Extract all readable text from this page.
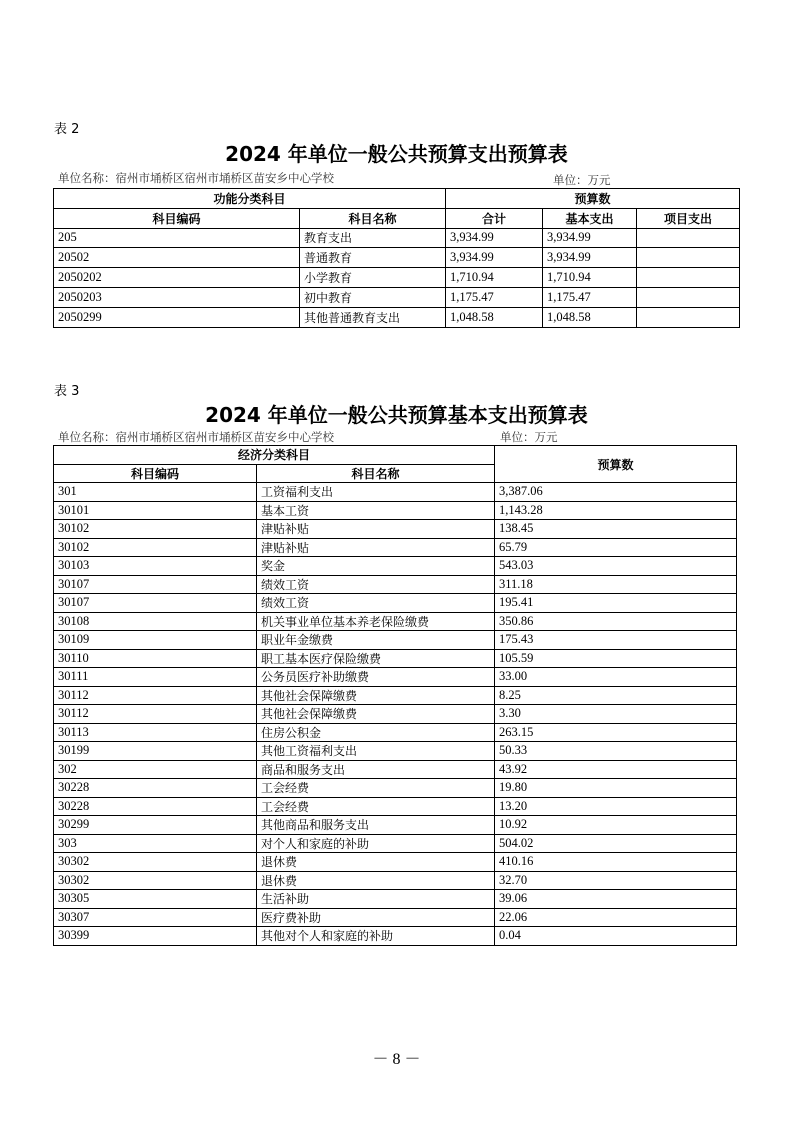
表 2
2024 年单位一般公共预算支出预算表
单位名称：宿州市埇桥区宿州市埇桥区苗安乡中心学校	单位：万元
功能分类科目		预算数		
科目编码	科目名称	合计	基本支出	项目支出
205	教育支出	3,934.99	3,934.99	
20502	普通教育	3,934.99	3,934.99	
2050202	小学教育	1,710.94	1,710.94	
2050203	初中教育	1,175.47	1,175.47	
2050299	其他普通教育支出	1,048.58	1,048.58	
表 3
2024 年单位一般公共预算基本支出预算表
单位名称：宿州市埇桥区宿州市埇桥区苗安乡中心学校	单位：万元
经济分类科目		预算数
科目编码	科目名称	
301	工资福利支出	3,387.06
30101	基本工资	1,143.28
30102	津贴补贴	138.45
30102	津贴补贴	65.79
30103	奖金	543.03
30107	绩效工资	311.18
30107	绩效工资	195.41
30108	机关事业单位基本养老保险缴费	350.86
30109	职业年金缴费	175.43
30110	职工基本医疗保险缴费	105.59
30111	公务员医疗补助缴费	33.00
30112	其他社会保障缴费	8.25
30112	其他社会保障缴费	3.30
30113	住房公积金	263.15
30199	其他工资福利支出	50.33
302	商品和服务支出	43.92
30228	工会经费	19.80
30228	工会经费	13.20
30299	其他商品和服务支出	10.92
303	对个人和家庭的补助	504.02
30302	退休费	410.16
30302	退休费	32.70
30305	生活补助	39.06
30307	医疗费补助	22.06
30399	其他对个人和家庭的补助	0.04
－ 8 －
